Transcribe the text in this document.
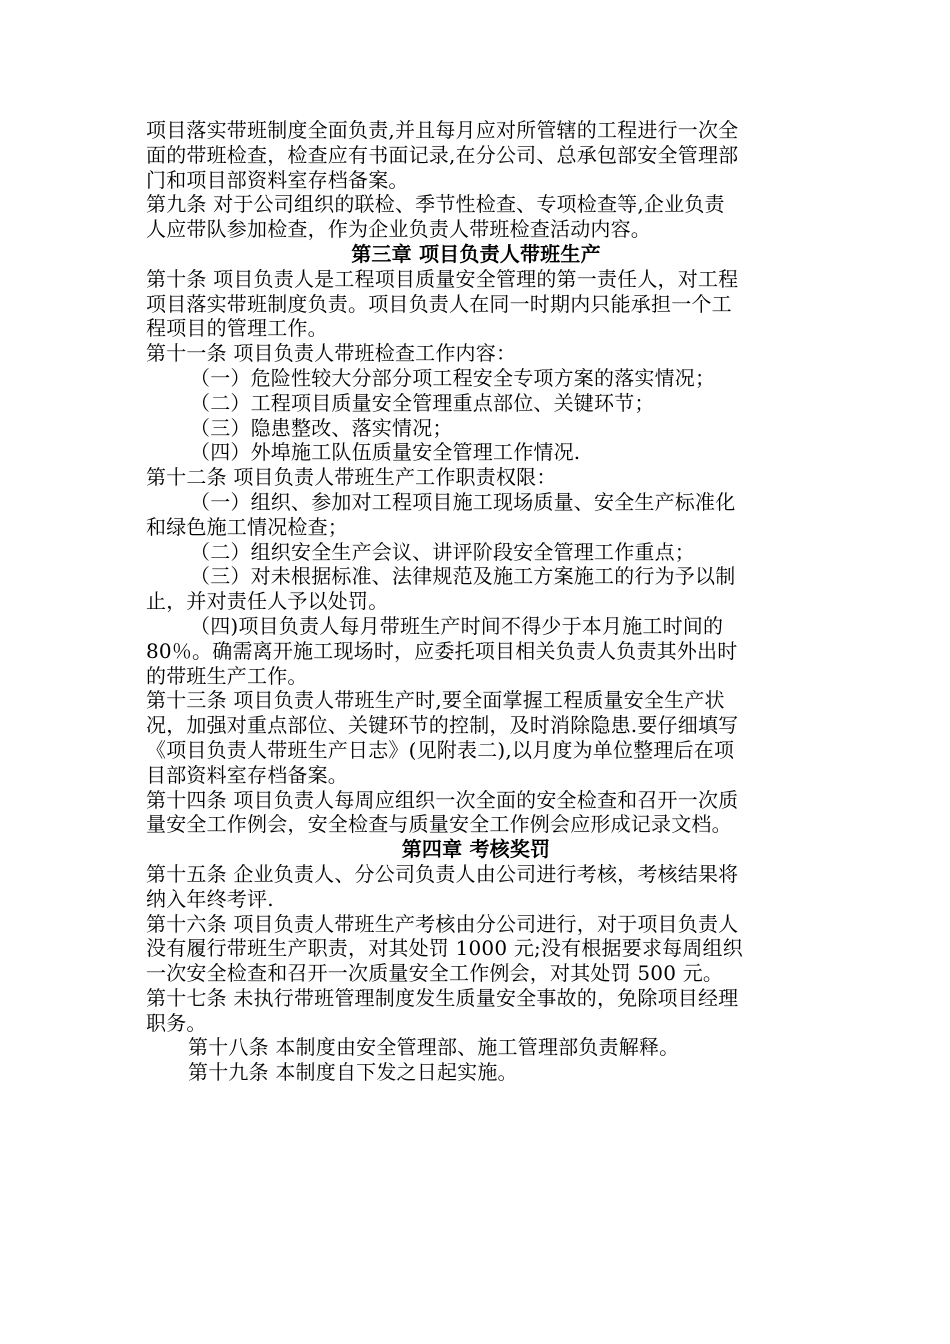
项目落实带班制度全面负责,并且每月应对所管辖的工程进行一次全
面的带班检查，检查应有书面记录,在分公司、总承包部安全管理部
门和项目部资料室存档备案。
第九条 对于公司组织的联检、季节性检查、专项检查等,企业负责
人应带队参加检查，作为企业负责人带班检查活动内容。
第三章 项目负责人带班生产
第十条 项目负责人是工程项目质量安全管理的第一责任人，对工程
项目落实带班制度负责。项目负责人在同一时期内只能承担一个工
程项目的管理工作。
第十一条 项目负责人带班检查工作内容：
（一）危险性较大分部分项工程安全专项方案的落实情况；
（二）工程项目质量安全管理重点部位、关键环节；
（三）隐患整改、落实情况；
（四）外埠施工队伍质量安全管理工作情况.
第十二条 项目负责人带班生产工作职责权限：
（一）组织、参加对工程项目施工现场质量、安全生产标准化
和绿色施工情况检查；
（二）组织安全生产会议、讲评阶段安全管理工作重点；
（三）对未根据标准、法律规范及施工方案施工的行为予以制
止，并对责任人予以处罚。
（四)项目负责人每月带班生产时间不得少于本月施工时间的
80％。确需离开施工现场时，应委托项目相关负责人负责其外出时
的带班生产工作。
第十三条 项目负责人带班生产时,要全面掌握工程质量安全生产状
况，加强对重点部位、关键环节的控制，及时消除隐患.要仔细填写
《项目负责人带班生产日志》(见附表二),以月度为单位整理后在项
目部资料室存档备案。
第十四条 项目负责人每周应组织一次全面的安全检查和召开一次质
量安全工作例会，安全检查与质量安全工作例会应形成记录文档。
第四章 考核奖罚
第十五条 企业负责人、分公司负责人由公司进行考核，考核结果将
纳入年终考评.
第十六条 项目负责人带班生产考核由分公司进行，对于项目负责人
没有履行带班生产职责，对其处罚 1000 元;没有根据要求每周组织
一次安全检查和召开一次质量安全工作例会，对其处罚 500 元。
第十七条 未执行带班管理制度发生质量安全事故的，免除项目经理
职务。
第十八条 本制度由安全管理部、施工管理部负责解释。
第十九条 本制度自下发之日起实施。
